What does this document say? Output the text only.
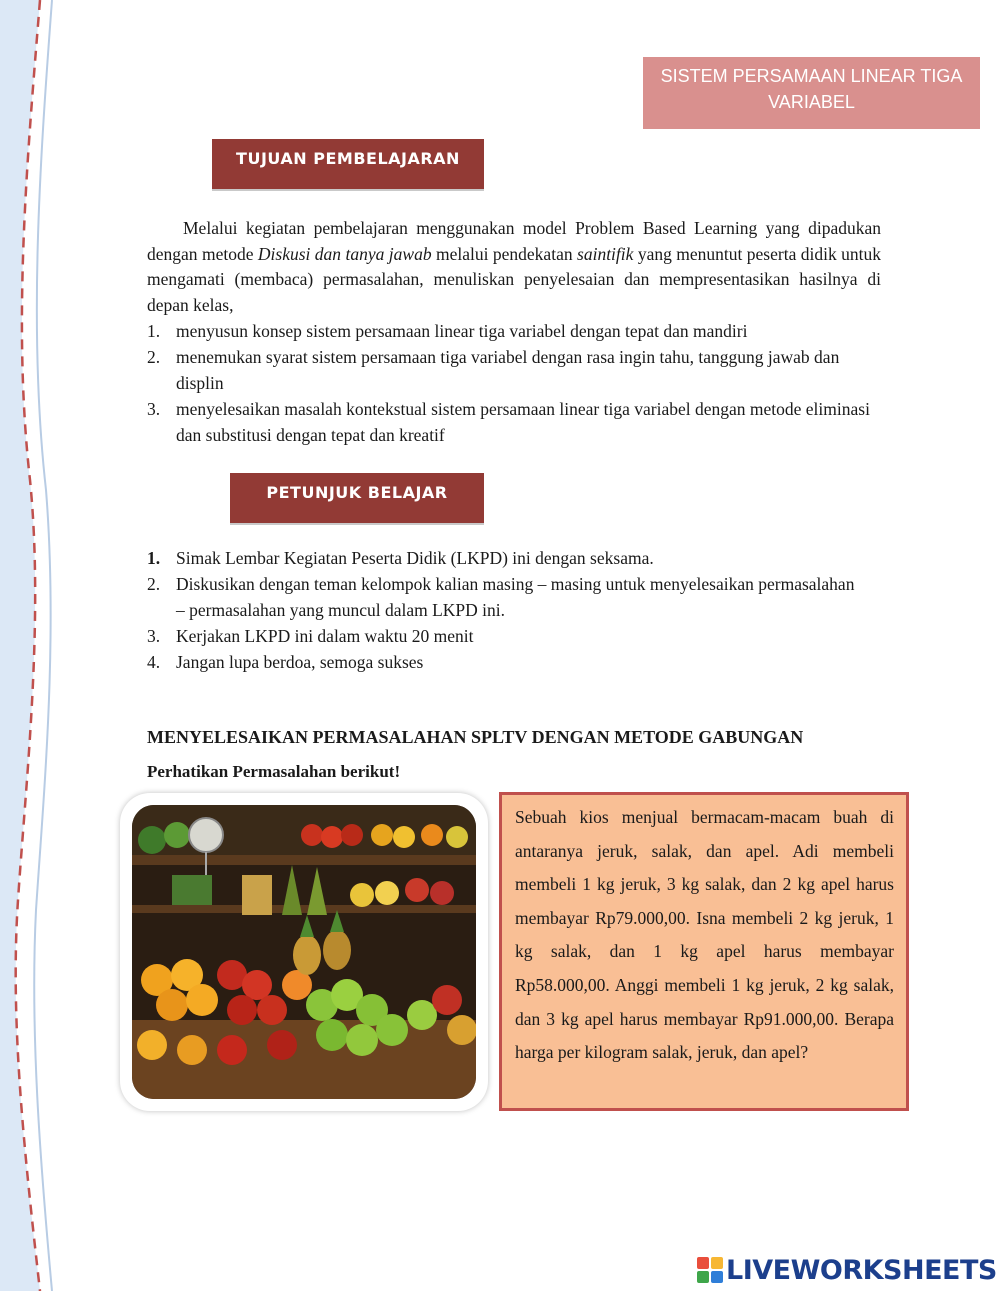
SISTEM PERSAMAAN LINEAR TIGA VARIABEL
TUJUAN PEMBELAJARAN

Melalui kegiatan pembelajaran menggunakan model Problem Based Learning yang dipadukan dengan metode Diskusi dan tanya jawab melalui pendekatan saintifik yang menuntut peserta didik untuk mengamati (membaca) permasalahan, menuliskan penyelesaian dan mempresentasikan hasilnya di depan kelas,

1. menyusun konsep sistem persamaan linear tiga variabel dengan tepat dan mandiri
2. menemukan syarat sistem persamaan tiga variabel dengan rasa ingin tahu, tanggung jawab dan displin
3. menyelesaikan masalah kontekstual sistem persamaan linear tiga variabel dengan metode eliminasi dan substitusi dengan tepat dan kreatif
PETUNJUK BELAJAR
1. Simak Lembar Kegiatan Peserta Didik (LKPD) ini dengan seksama.
2. Diskusikan dengan teman kelompok kalian masing – masing untuk menyelesaikan permasalahan – permasalahan yang muncul dalam LKPD ini.
3. Kerjakan LKPD ini dalam waktu 20 menit
4. Jangan lupa berdoa, semoga sukses

MENYELESAIKAN PERMASALAHAN SPLTV DENGAN METODE GABUNGAN

Perhatikan Permasalahan berikut!

Sebuah kios menjual bermacam-macam buah di antaranya jeruk, salak, dan apel. Adi membeli membeli 1 kg jeruk, 3 kg salak, dan 2 kg apel harus membayar Rp79.000,00. Isna membeli 2 kg jeruk, 1 kg salak, dan 1 kg apel harus membayar Rp58.000,00. Anggi membeli 1 kg jeruk, 2 kg salak, dan 3 kg apel harus membayar Rp91.000,00. Berapa harga per kilogram salak, jeruk, dan apel?
LIVEWORKSHEETS
